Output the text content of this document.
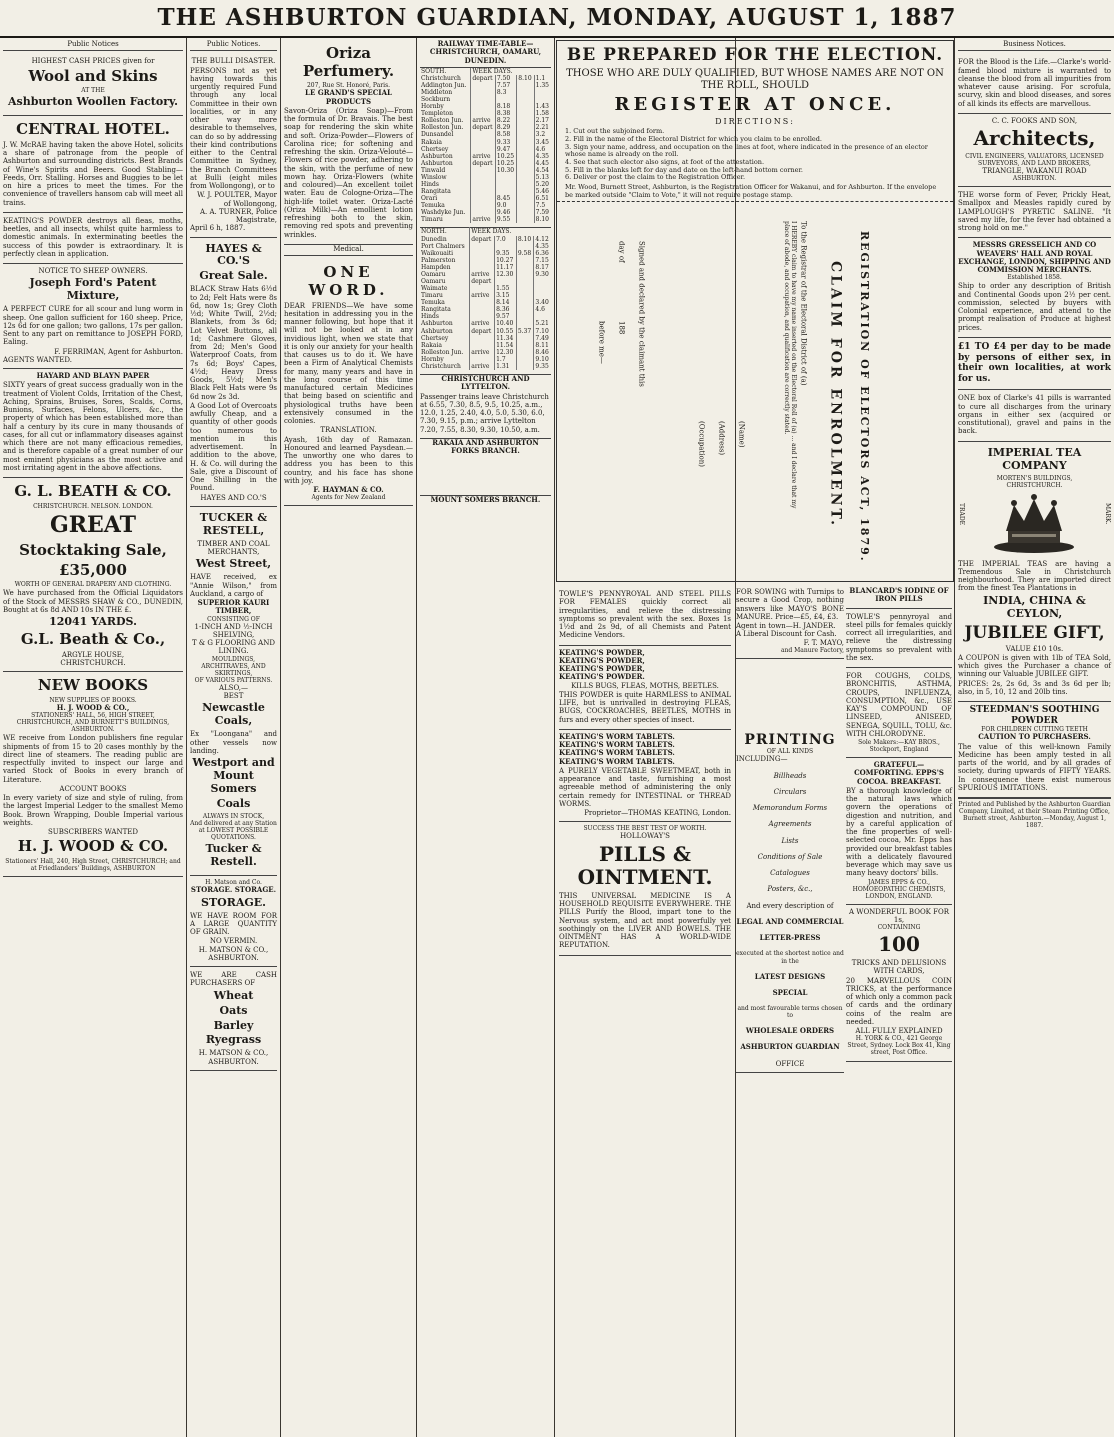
THE ASHBURTON GUARDIAN, MONDAY, AUGUST 1, 1887
Public Notices
HIGHEST CASH PRICES given for
Wool and Skins
AT THE
Ashburton Woollen Factory.
CENTRAL HOTEL.

J. W. McRAE having taken the above Hotel, solicits a share of patronage from the people of Ashburton and surrounding districts. Best Brands of Wine's Spirits and Beers. Good Stabling—Feeds, Orr. Stalling. Horses and Buggies to be let on hire a prices to meet the times. For the convenience of travellers hansom cab will meet all trains.

KEATING'S POWDER destroys all fleas, moths, beetles, and all insects, whilst quite harmless to domestic animals. In exterminating beetles the success of this powder is extraordinary. It is perfectly clean in application.

NOTICE TO SHEEP OWNERS.
Joseph Ford's Patent Mixture,

A PERFECT CURE for all scour and lung worm in sheep. One gallon sufficient for 160 sheep. Price, 12s 6d for one gallon; two gallons, 17s per gallon. Sent to any part on remittance to JOSEPH FORD, Ealing.

F. FERRIMAN, Agent for Ashburton.
AGENTS WANTED.
HAYARD AND BLAYN PAPER

SIXTY years of great success gradually won in the treatment of Violent Colds, Irritation of the Chest, Aching, Sprains, Bruises, Sores, Scalds, Corns, Bunions, Surfaces, Felons, Ulcers, &c., the property of which has been established more than half a century by its cure in many thousands of cases, for all cut or inflammatory diseases against which there are not many efficacious remedies, and is therefore capable of a great number of our most eminent physicians as the most active and most irritating agent in the above affections.

G. L. BEATH & CO.
CHRISTCHURCH. NELSON. LONDON.
GREAT
Stocktaking Sale,
£35,000
WORTH OF GENERAL DRAPERY AND CLOTHING.

We have purchased from the Official Liquidators of the Stock of MESSRS SHAW & CO., DUNEDIN, Bought at 6s 8d AND 10s IN THE £.

12041 YARDS.
G.L. Beath & Co.,
ARGYLE HOUSE,
CHRISTCHURCH.
NEW BOOKS
NEW SUPPLIES OF BOOKS.
H. J. WOOD & CO.,
STATIONERS' HALL, 56, HIGH STREET, CHRISTCHURCH, AND BURNETT'S BUILDINGS, ASHBURTON.

WE receive from London publishers fine regular shipments of from 15 to 20 cases monthly by the direct line of steamers. The reading public are respectfully invited to inspect our large and varied Stock of Books in every branch of Literature.

ACCOUNT BOOKS

In every variety of size and style of ruling, from the largest Imperial Ledger to the smallest Memo Book. Brown Wrapping, Double Imperial various weights.

SUBSCRIBERS WANTED
H. J. WOOD & CO.
Stationers' Hall, 240, High Street, CHRISTCHURCH; and at Friedlanders' Buildings, ASHBURTON
Public Notices.
THE BULLI DISASTER.

PERSONS not as yet having towards this urgently required Fund through any local Committee in their own localities, or in any other way more desirable to themselves, can do so by addressing their kind contributions either to the Central Committee in Sydney, the Branch Committees at Bulli (eight miles from Wollongong), or to

W. J. POULTER, Mayor of Wollongong,
A. A. TURNER, Police Magistrate,
April 6 h, 1887.
HAYES & CO.'S
Great Sale.

BLACK Straw Hats 6½d to 2d; Felt Hats were 8s 6d, now 1s; Grey Cloth ½d; White Twill, 2½d; Blankets, from 3s 6d; Lot Velvet Buttons, all 1d; Cashmere Gloves, from 2d; Men's Good Waterproof Coats, from 7s 6d; Boys' Capes, 4½d; Heavy Dress Goods, 5½d; Men's Black Felt Hats were 9s 6d now 2s 3d.

A Good Lot of Overcoats awfully Cheap, and a quantity of other goods too numerous to mention in this advertisement. In addition to the above, H. & Co. will during the Sale, give a Discount of One Shilling in the Pound.

HAYES AND CO.'S
TUCKER & RESTELL,
TIMBER AND COAL
MERCHANTS,
West Street,

HAVE received, ex "Annie Wilson," from Auckland, a cargo of

SUPERIOR KAURI TIMBER,
CONSISTING OF
1-INCH AND ½-INCH
SHELVING,
T & G FLOORING AND
LINING.
MOULDINGS, ARCHITRAVES, AND SKIRTINGS,
OF VARIOUS PATTERNS.
ALSO,—
BEST
Newcastle Coals,

Ex "Loongana" and other vessels now landing.

Westport and Mount Somers
Coals
ALWAYS IN STOCK,
And delivered at any Station at LOWEST POSSIBLE QUOTATIONS.
Tucker & Restell.
H. Matson and Co.
STORAGE. STORAGE.
STORAGE.

WE HAVE ROOM FOR A LARGE QUANTITY OF GRAIN.

NO VERMIN.
H. MATSON & CO.,
ASHBURTON.

WE ARE CASH PURCHASERS OF

Wheat
Oats
Barley
Ryegrass
H. MATSON & CO.,
ASHBURTON.
Oriza Perfumery.
207, Rue St. Honoré, Paris.
LE GRAND'S SPECIAL PRODUCTS

Savon-Oriza (Oriza Soap)—From the formula of Dr. Bravais. The best soap for rendering the skin white and soft. Oriza-Powder—Flowers of Carolina rice; for softening and refreshing the skin. Oriza-Velouté—Flowers of rice powder, adhering to the skin, with the perfume of new mown hay. Oriza-Flowers (white and coloured)—An excellent toilet water. Eau de Cologne-Oriza—The high-life toilet water. Oriza-Lacté (Oriza Milk)—An emollient lotion refreshing both to the skin, removing red spots and preventing wrinkles.

Medical.
ONE WORD.

DEAR FRIENDS—We have some hesitation in addressing you in the manner following, but hope that it will not be looked at in any invidious light, when we state that it is only our anxiety for your health that causes us to do it. We have been a Firm of Analytical Chemists for many, many years and have in the long course of this time manufactured certain Medicines that being based on scientific and physiological truths have been extensively consumed in the colonies.

TRANSLATION.

Ayash, 16th day of Ramazan. Honoured and learned Paysdean.—The unworthy one who dares to address you has been to this country, and his face has shone with joy.

F. HAYMAN & CO.
Agents for New Zealand
RAILWAY TIME-TABLE—CHRISTCHURCH, OAMARU, DUNEDIN.
SOUTH.	WEEK DAYS.			
Christchurch	depart	7.50	8.10	1.1
Addington Jun.		7.57		1.35
Middleton		8.3		
Sockburn				
Hornby		8.18		1.43
Templeton		8.38		1.58
Rolleston Jun.	arrive	8.22		2.17
Rolleston Jun.	depart	8.29		2.21
Dunsandel		8.58		3.2
Rakaia		9.33		3.45
Chertsey		9.47		4.6
Ashburton	arrive	10.25		4.35
Ashburton	depart	10.25		4.45
Tinwald		10.30		4.54
Winslow				5.13
Hinds				5.20
Rangitata				5.46
Orari		8.45		6.51
Temuka		9.0		7.5
Washdyke Jun.		9.46		7.59
Timaru	arrive	9.55		8.10
NORTH.	WEEK DAYS.			
Dunedin	depart	7.0	8.10	4.12
Port Chalmers				4.35
Waikouaiti		9.35	9.58	6.36
Palmerston		10.27		7.15
Hampden		11.17		8.17
Oamaru	arrive	12.30		9.30
Oamaru	depart			
Waimate		1.55		
Timaru	arrive	3.15		
Temuka		8.14		3.40
Rangitata		8.36		4.6
Hinds		9.57		
Ashburton	arrive	10.40		5.21
Ashburton	depart	10.55	5.37	7.10
Chertsey		11.34		7.49
Rakaia		11.54		8.11
Rolleston Jun.	arrive	12.30		8.46
Hornby		1.7		9.10
Christchurch	arrive	1.31		9.35
CHRISTCHURCH AND LYTTELTON.

Passenger trains leave Christchurch at 6.55, 7.30, 8.5, 9.5, 10.25, a.m., 12.0, 1.25, 2.40, 4.0, 5.0, 5.30, 6.0, 7.30, 9.15, p.m.; arrive Lyttelton 7.20, 7.55, 8.30, 9.30, 10.50, a.m.

RAKAIA AND ASHBURTON FORKS BRANCH.
MOUNT SOMERS BRANCH.
BE PREPARED FOR THE ELECTION.
THOSE WHO ARE DULY QUALIFIED, BUT WHOSE NAMES ARE NOT ON THE ROLL, SHOULD
REGISTER AT ONCE.
DIRECTIONS:
1. Cut out the subjoined form.
2. Fill in the name of the Electoral District for which you claim to be enrolled.
3. Sign your name, address, and occupation on the lines at foot, where indicated in the presence of an elector whose name is already on the roll.
4. See that such elector also signs, at foot of the attestation.
5. Fill in the blanks left for day and date on the left-hand bottom corner.
6. Deliver or post the claim to the Registration Officer.
Mr. Wood, Burnett Street, Ashburton, is the Registration Officer for Wakanui, and for Ashburton. If the envelope be marked outside "Claim to Vote," it will not require postage stamp.
REGISTRATION OF ELECTORS ACT, 1879.
CLAIM FOR ENROLMENT.
To the Registrar of the Electoral District of (a)
I HEREBY claim to have my name inserted on the Electoral Roll of (a) ... and I declare that my place of abode, and occupation, and qualification are correctly stated.
(Name)
(Address)
(Occupation)
Signed and declared by the claimant this
day of
188
before me—

TOWLE'S PENNYROYAL AND STEEL PILLS FOR FEMALES quickly correct all irregularities, and relieve the distressing symptoms so prevalent with the sex. Boxes 1s 1½d and 2s 9d, of all Chemists and Patent Medicine Vendors.

KEATING'S POWDER,
KEATING'S POWDER,
KEATING'S POWDER,
KEATING'S POWDER.
KILLS BUGS, FLEAS, MOTHS, BEETLES.

THIS POWDER is quite HARMLESS to ANIMAL LIFE, but is unrivalled in destroying FLEAS, BUGS, COCKROACHES, BEETLES, MOTHS in furs and every other species of insect.

KEATING'S WORM TABLETS.
KEATING'S WORM TABLETS.
KEATING'S WORM TABLETS.
KEATING'S WORM TABLETS.

A PURELY VEGETABLE SWEETMEAT, both in appearance and taste, furnishing a most agreeable method of administering the only certain remedy for INTESTINAL or THREAD WORMS.

Proprietor—THOMAS KEATING, London.
SUCCESS THE BEST TEST OF WORTH.
HOLLOWAY'S
PILLS & OINTMENT.

THIS UNIVERSAL MEDICINE IS A HOUSEHOLD REQUISITE EVERYWHERE. THE PILLS Purify the Blood, impart tone to the Nervous system, and act most powerfully yet soothingly on the LIVER AND BOWELS. THE OINTMENT HAS A WORLD-WIDE REPUTATION.

FOR SOWING with Turnips to secure a Good Crop, nothing answers like MAYO'S BONE MANURE. Price—£5, £4, £3.

Agent in town—H. JANDER.
A Liberal Discount for Cash.
F. T. MAYO,
and Manure Factory,
PRINTING
OF ALL KINDS
INCLUDING—
Billheads
Circulars
Memorandum Forms
Agreements
Lists
Conditions of Sale
Catalogues
Posters, &c.,
And every description of
LEGAL AND COMMERCIAL
LETTER-PRESS
executed at the shortest notice and in the
LATEST DESIGNS
SPECIAL
and most favourable terms chosen to
WHOLESALE ORDERS
ASHBURTON GUARDIAN
OFFICE
BLANCARD'S IODINE OF IRON PILLS

TOWLE'S pennyroyal and steel pills for females quickly correct all irregularities, and relieve the distressing symptoms so prevalent with the sex.

FOR COUGHS, COLDS, BRONCHITIS, ASTHMA, CROUPS, INFLUENZA, CONSUMPTION, &c., USE KAY'S COMPOUND OF LINSEED, ANISEED, SENEGA, SQUILL, TOLU, &c. WITH CHLORODYNE.

Sole Makers:—KAY BROS., Stockport, England
GRATEFUL—COMFORTING. EPPS'S COCOA. BREAKFAST.

BY a thorough knowledge of the natural laws which govern the operations of digestion and nutrition, and by a careful application of the fine properties of well-selected cocoa, Mr. Epps has provided our breakfast tables with a delicately flavoured beverage which may save us many heavy doctors' bills.

JAMES EPPS & CO., HOMOEOPATHIC CHEMISTS, LONDON, ENGLAND.
A WONDERFUL BOOK FOR 1s,
CONTAINING
100
TRICKS AND DELUSIONS WITH CARDS,

20 MARVELLOUS COIN TRICKS, at the performance of which only a common pack of cards and the ordinary coins of the realm are needed.

ALL FULLY EXPLAINED
H. YORK & CO., 421 George Street, Sydney. Lock Box 41, King street, Post Office.
Business Notices.

FOR the Blood is the Life.—Clarke's world-famed blood mixture is warranted to cleanse the blood from all impurities from whatever cause arising. For scrofula, scurvy, skin and blood diseases, and sores of all kinds its effects are marvellous.

C. C. FOOKS AND SON,
Architects,
CIVIL ENGINEERS, VALUATORS, LICENSED SURVEYORS, AND LAND BROKERS,
TRIANGLE, WAKANUI ROAD
ASHBURTON.

THE worse form of Fever, Prickly Heat, Smallpox and Measles rapidly cured by LAMPLOUGH'S PYRETIC SALINE. "It saved my life, for the fever had obtained a strong hold on me."

MESSRS GRESSELICH AND CO WEAVERS' HALL AND ROYAL EXCHANGE, LONDON, SHIPPING AND COMMISSION MERCHANTS.
Established 1858.

Ship to order any description of British and Continental Goods upon 2½ per cent. commission, selected by buyers with Colonial experience, and attend to the prompt realisation of Produce at highest prices.

£1 TO £4 per day to be made by persons of either sex, in their own localities, at work for us.

ONE box of Clarke's 41 pills is warranted to cure all discharges from the urinary organs in either sex (acquired or constitutional), gravel and pains in the back.

IMPERIAL TEA COMPANY
MORTEN'S BUILDINGS,
CHRISTCHURCH.
TRADE	MARK.

THE IMPERIAL TEAS are having a Tremendous Sale in Christchurch neighbourhood. They are imported direct from the finest Tea Plantations in

INDIA, CHINA & CEYLON,
JUBILEE GIFT,
VALUE £10 10s.

A COUPON is given with 1lb of TEA Sold, which gives the Purchaser a chance of winning our Valuable JUBILEE GIFT.

PRICES: 2s, 2s 6d, 3s and 3s 6d per lb; also, in 5, 10, 12 and 20lb tins.

STEEDMAN'S SOOTHING POWDER
FOR CHILDREN CUTTING TEETH
CAUTION TO PURCHASERS.

The value of this well-known Family Medicine has been amply tested in all parts of the world, and by all grades of society, during upwards of FIFTY YEARS. In consequence there exist numerous SPURIOUS IMITATIONS.

Printed and Published by the Ashburton Guardian Company, Limited, at their Steam Printing Office, Burnett street, Ashburton.—Monday, August 1, 1887.
